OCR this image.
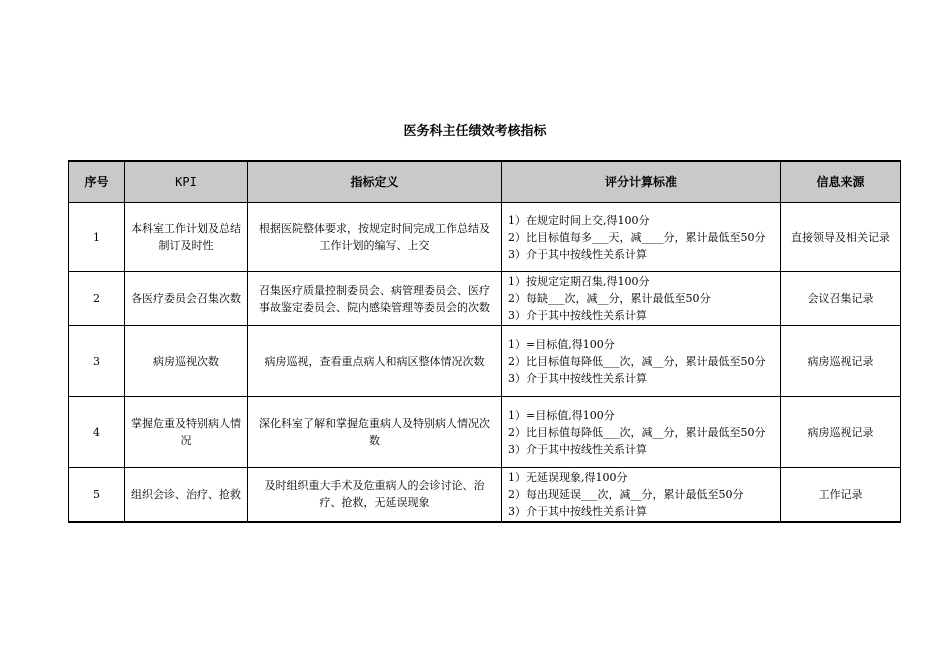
医务科主任绩效考核指标
序号	KPI	指标定义	评分计算标准	信息来源
1	本科室工作计划及总结制订及时性	根据医院整体要求，按规定时间完成工作总结及工作计划的编写、上交	1）在规定时间上交,得100分
2）比目标值每多___天，减____分，累计最低至50分
3）介于其中按线性关系计算	直接领导及相关记录
2	各医疗委员会召集次数	召集医疗质量控制委员会、病管理委员会、医疗事故鉴定委员会、院内感染管理等委员会的次数	1）按规定定期召集,得100分
2）每缺___次，减__分，累计最低至50分
3）介于其中按线性关系计算	会议召集记录
3	病房巡视次数	病房巡视，查看重点病人和病区整体情况次数	1）=目标值,得100分
2）比目标值每降低___次，减__分，累计最低至50分
3）介于其中按线性关系计算	病房巡视记录
4	掌握危重及特别病人情况	深化科室了解和掌握危重病人及特别病人情况次数	1）=目标值,得100分
2）比目标值每降低___次，减__分，累计最低至50分
3）介于其中按线性关系计算	病房巡视记录
5	组织会诊、治疗、抢救	及时组织重大手术及危重病人的会诊讨论、治疗、抢救，无延误现象	1）无延误现象,得100分
2）每出现延误___次，减__分，累计最低至50分
3）介于其中按线性关系计算	工作记录
